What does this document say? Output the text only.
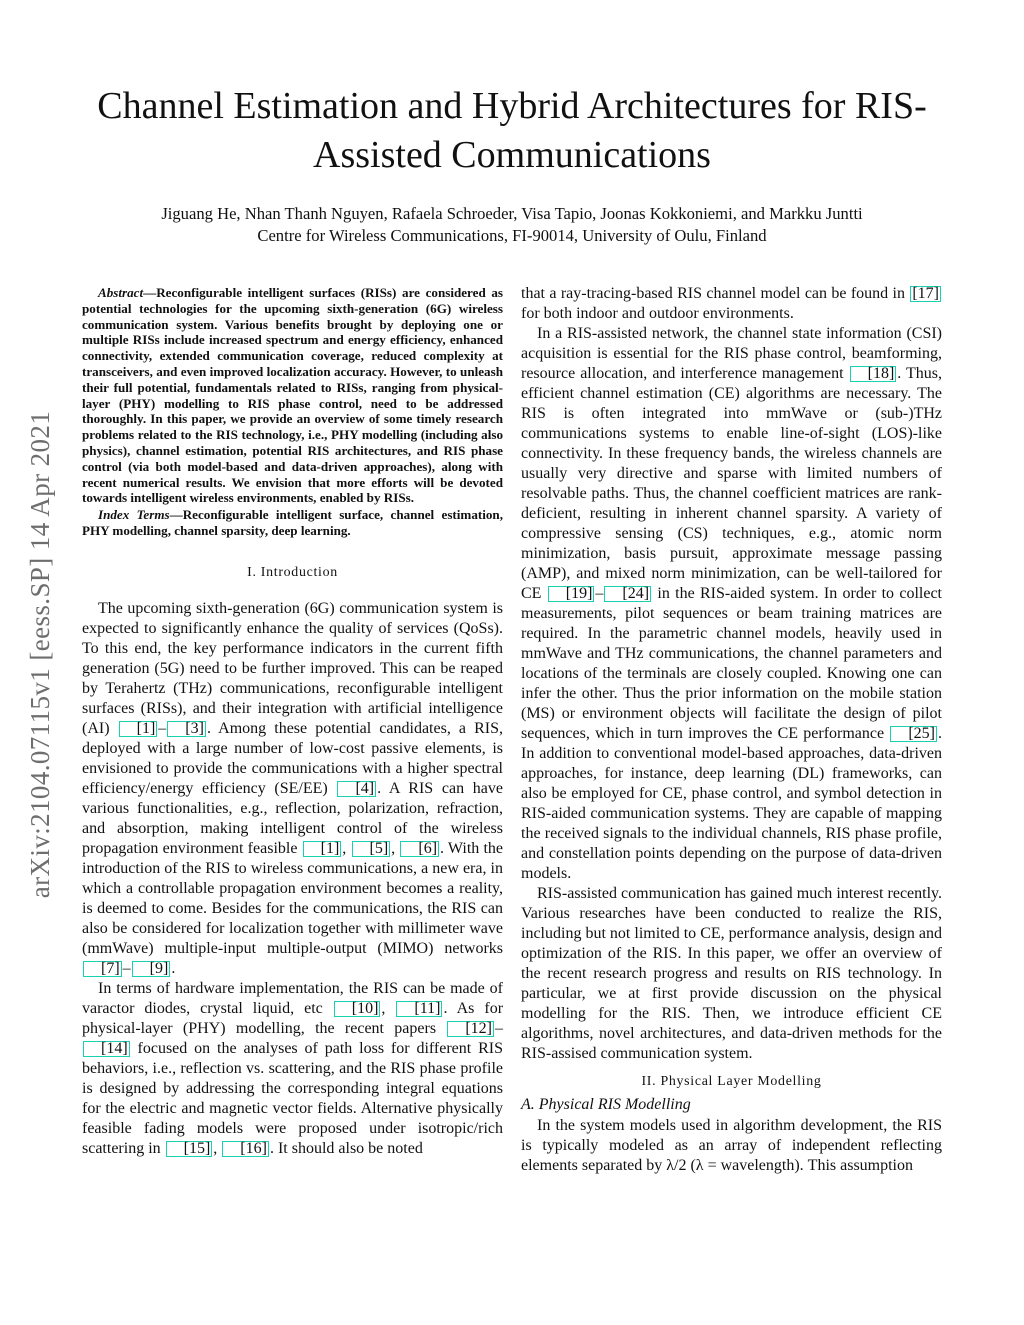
arXiv:2104.07115v1 [eess.SP] 14 Apr 2021
Channel Estimation and Hybrid Architectures for RIS-Assisted Communications
Jiguang He, Nhan Thanh Nguyen, Rafaela Schroeder, Visa Tapio, Joonas Kokkoniemi, and Markku Juntti
Centre for Wireless Communications, FI-90014, University of Oulu, Finland

Abstract—Reconfigurable intelligent surfaces (RISs) are considered as potential technologies for the upcoming sixth-generation (6G) wireless communication system. Various benefits brought by deploying one or multiple RISs include increased spectrum and energy efficiency, enhanced connectivity, extended communication coverage, reduced complexity at transceivers, and even improved localization accuracy. However, to unleash their full potential, fundamentals related to RISs, ranging from physical-layer (PHY) modelling to RIS phase control, need to be addressed thoroughly. In this paper, we provide an overview of some timely research problems related to the RIS technology, i.e., PHY modelling (including also physics), channel estimation, potential RIS architectures, and RIS phase control (via both model-based and data-driven approaches), along with recent numerical results. We envision that more efforts will be devoted towards intelligent wireless environments, enabled by RISs.

Index Terms—Reconfigurable intelligent surface, channel estimation, PHY modelling, channel sparsity, deep learning.

I. Introduction

The upcoming sixth-generation (6G) communication system is expected to significantly enhance the quality of services (QoSs). To this end, the key performance indicators in the current fifth generation (5G) need to be further improved. This can be reaped by Terahertz (THz) communications, reconfigurable intelligent surfaces (RISs), and their integration with artificial intelligence (AI) [1] – [3] . Among these potential candidates, a RIS, deployed with a large number of low-cost passive elements, is envisioned to provide the communications with a higher spectral efficiency/energy efficiency (SE/EE) [4] . A RIS can have various functionalities, e.g., reflection, polarization, refraction, and absorption, making intelligent control of the wireless propagation environment feasible [1] , [5] , [6] . With the introduction of the RIS to wireless communications, a new era, in which a controllable propagation environment becomes a reality, is deemed to come. Besides for the communications, the RIS can also be considered for localization together with millimeter wave (mmWave) multiple-input multiple-output (MIMO) networks [7] – [9] .

In terms of hardware implementation, the RIS can be made of varactor diodes, crystal liquid, etc [10] , [11] . As for physical-layer (PHY) modelling, the recent papers [12] –[14] focused on the analyses of path loss for different RIS behaviors, i.e., reflection vs. scattering, and the RIS phase profile is designed by addressing the corresponding integral equations for the electric and magnetic vector fields. Alternative physically feasible fading models were proposed under isotropic/rich scattering in [15] , [16] . It should also be noted

that a ray-tracing-based RIS channel model can be found in [17] for both indoor and outdoor environments.

In a RIS-assisted network, the channel state information (CSI) acquisition is essential for the RIS phase control, beamforming, resource allocation, and interference management [18] . Thus, efficient channel estimation (CE) algorithms are necessary. The RIS is often integrated into mmWave or (sub-)THz communications systems to enable line-of-sight (LOS)-like connectivity. In these frequency bands, the wireless channels are usually very directive and sparse with limited numbers of resolvable paths. Thus, the channel coefficient matrices are rank-deficient, resulting in inherent channel sparsity. A variety of compressive sensing (CS) techniques, e.g., atomic norm minimization, basis pursuit, approximate message passing (AMP), and mixed norm minimization, can be well-tailored for CE [19] – [24] in the RIS-aided system. In order to collect measurements, pilot sequences or beam training matrices are required. In the parametric channel models, heavily used in mmWave and THz communications, the channel parameters and locations of the terminals are closely coupled. Knowing one can infer the other. Thus the prior information on the mobile station (MS) or environment objects will facilitate the design of pilot sequences, which in turn improves the CE performance [25] . In addition to conventional model-based approaches, data-driven approaches, for instance, deep learning (DL) frameworks, can also be employed for CE, phase control, and symbol detection in RIS-aided communication systems. They are capable of mapping the received signals to the individual channels, RIS phase profile, and constellation points depending on the purpose of data-driven models.

RIS-assisted communication has gained much interest recently. Various researches have been conducted to realize the RIS, including but not limited to CE, performance analysis, design and optimization of the RIS. In this paper, we offer an overview of the recent research progress and results on RIS technology. In particular, we at first provide discussion on the physical modelling for the RIS. Then, we introduce efficient CE algorithms, novel architectures, and data-driven methods for the RIS-assised communication system.

II. Physical Layer Modelling
A. Physical RIS Modelling

In the system models used in algorithm development, the RIS is typically modeled as an array of independent reflecting elements separated by λ/2 (λ = wavelength). This assumption
